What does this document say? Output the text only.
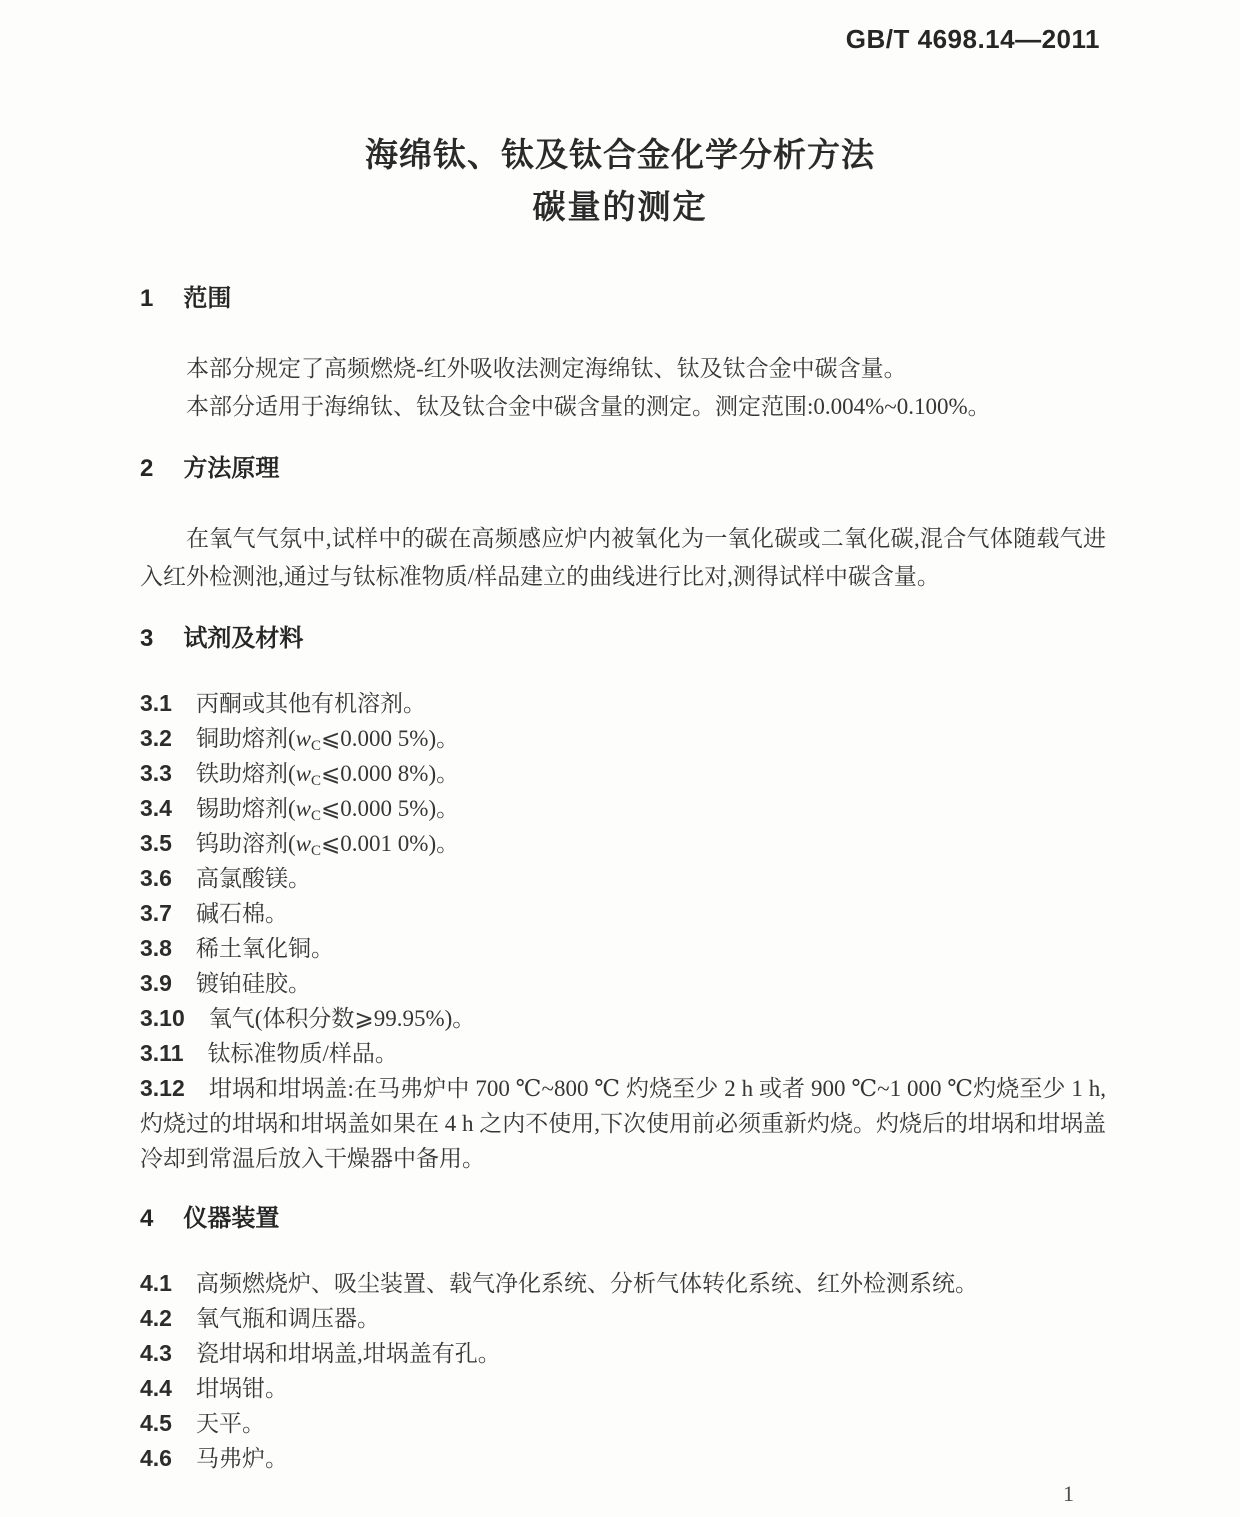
GB/T 4698.14—2011
海绵钛、钛及钛合金化学分析方法
碳量的测定
1 范围

本部分规定了高频燃烧-红外吸收法测定海绵钛、钛及钛合金中碳含量。

本部分适用于海绵钛、钛及钛合金中碳含量的测定。测定范围:0.004%~0.100%。

2 方法原理

在氧气气氛中,试样中的碳在高频感应炉内被氧化为一氧化碳或二氧化碳,混合气体随载气进入红外检测池,通过与钛标准物质/样品建立的曲线进行比对,测得试样中碳含量。

3 试剂及材料
3.1 丙酮或其他有机溶剂。
3.2 铜助熔剂($w_C⩽0.000$ 5%)。
3.3 铁助熔剂($w_C⩽0.000$ 8%)。
3.4 锡助熔剂($w_C⩽0.000$ 5%)。
3.5 钨助溶剂($w_C⩽0.001$ 0%)。
3.6 高氯酸镁。
3.7 碱石棉。
3.8 稀土氧化铜。
3.9 镀铂硅胶。
3.10 氧气(体积分数⩾99.95%)。
3.11 钛标准物质/样品。
3.12 坩埚和坩埚盖:在马弗炉中 700 ℃~800 ℃ 灼烧至少 2 h 或者 900 ℃~1 000 ℃灼烧至少 1 h,灼烧过的坩埚和坩埚盖如果在 4 h 之内不使用,下次使用前必须重新灼烧。灼烧后的坩埚和坩埚盖冷却到常温后放入干燥器中备用。
4 仪器装置
4.1 高频燃烧炉、吸尘装置、载气净化系统、分析气体转化系统、红外检测系统。
4.2 氧气瓶和调压器。
4.3 瓷坩埚和坩埚盖,坩埚盖有孔。
4.4 坩埚钳。
4.5 天平。
4.6 马弗炉。
1
